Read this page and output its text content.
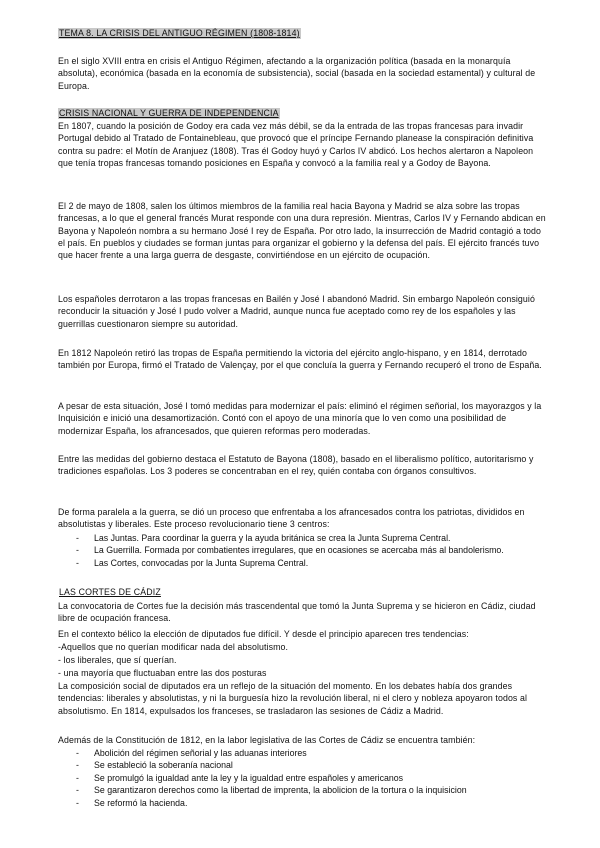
TEMA 8. LA CRISIS DEL ANTIGUO RÉGIMEN (1808-1814)

En el siglo XVIII entra en crisis el Antiguo Régimen, afectando a la organización política (basada en la monarquía absoluta), económica (basada en la economía de subsistencia), social (basada en la sociedad estamental) y cultural de Europa.

CRISIS NACIONAL Y GUERRA DE INDEPENDENCIA

En 1807, cuando la posición de Godoy era cada vez más débil, se da la entrada de las tropas francesas para invadir Portugal debido al Tratado de Fontainebleau, que provocó que el príncipe Fernando planease la conspiración definitiva contra su padre: el Motín de Aranjuez (1808). Tras él Godoy huyó y Carlos IV abdicó. Los hechos alertaron a Napoleon que tenía tropas francesas tomando posiciones en España y convocó a la familia real y a Godoy de Bayona.

El 2 de mayo de 1808, salen los últimos miembros de la familia real hacia Bayona y Madrid se alza sobre las tropas francesas, a lo que el general francés Murat responde con una dura represión. Mientras, Carlos IV y Fernando abdican en Bayona y Napoleón nombra a su hermano José I rey de España. Por otro lado, la insurrección de Madrid contagió a todo el país. En pueblos y ciudades se forman juntas para organizar el gobierno y la defensa del país. El ejército francés tuvo que hacer frente a una larga guerra de desgaste, convirtiéndose en un ejército de ocupación.

Los españoles derrotaron a las tropas francesas en Bailén y José I abandonó Madrid. Sin embargo Napoleón consiguió reconducir la situación y José I pudo volver a Madrid, aunque nunca fue aceptado como rey de los españoles y las guerrillas cuestionaron siempre su autoridad.

En 1812 Napoleón retiró las tropas de España permitiendo la victoria del ejército anglo-hispano, y en 1814, derrotado también por Europa, firmó el Tratado de Valençay, por el que concluía la guerra y Fernando recuperó el trono de España.

A pesar de esta situación, José I tomó medidas para modernizar el país: eliminó el régimen señorial, los mayorazgos y la Inquisición e inició una desamortización. Contó con el apoyo de una minoría que lo ven como una posibilidad de modernizar España, los afrancesados, que quieren reformas pero moderadas.

Entre las medidas del gobierno destaca el Estatuto de Bayona (1808), basado en el liberalismo político, autoritarismo y tradiciones españolas. Los 3 poderes se concentraban en el rey, quién contaba con órganos consultivos.

De forma paralela a la guerra, se dió un proceso que enfrentaba a los afrancesados contra los patriotas, divididos en absolutistas y liberales. Este proceso revolucionario tiene 3 centros:

- Las Juntas. Para coordinar la guerra y la ayuda británica se crea la Junta Suprema Central.
- La Guerrilla. Formada por combatientes irregulares, que en ocasiones se acercaba más al bandolerismo.
- Las Cortes, convocadas por la Junta Suprema Central.
LAS CORTES DE CÁDIZ

La convocatoria de Cortes fue la decisión más trascendental que tomó la Junta Suprema y se hicieron en Cádiz, ciudad libre de ocupación francesa.

En el contexto bélico la elección de diputados fue difícil. Y desde el principio aparecen tres tendencias:

-Aquellos que no querían modificar nada del absolutismo.

- los liberales, que sí querían.

- una mayoría que fluctuaban entre las dos posturas

La composición social de diputados era un reflejo de la situación del momento. En los debates había dos grandes tendencias: liberales y absolutistas, y ni la burguesía hizo la revolución liberal, ni el clero y nobleza apoyaron todos al absolutismo. En 1814, expulsados los franceses, se trasladaron las sesiones de Cádiz a Madrid.

Además de la Constitución de 1812, en la labor legislativa de las Cortes de Cádiz se encuentra también:

- Abolición del régimen señorial y las aduanas interiores
- Se estableció la soberanía nacional
- Se promulgó la igualdad ante la ley y la igualdad entre españoles y americanos
- Se garantizaron derechos como la libertad de imprenta, la abolicion de la tortura o la inquisicion
- Se reformó la hacienda.
